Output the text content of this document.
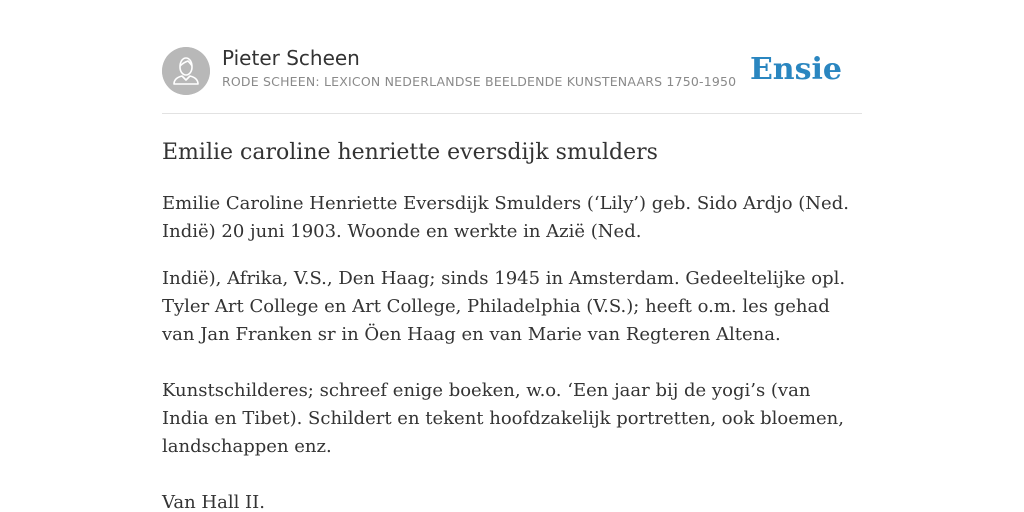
Pieter Scheen
RODE SCHEEN: LEXICON NEDERLANDSE BEELDENDE KUNSTENAARS 1750-1950 Ensie
Emilie caroline henriette eversdijk smulders

Emilie Caroline Henriette Eversdijk Smulders (‘Lily’) geb. Sido Ardjo (Ned. Indië) 20 juni 1903. Woonde en werkte in Azië (Ned.

Indië), Afrika, V.S., Den Haag; sinds 1945 in Amsterdam. Gedeeltelijke opl. Tyler Art College en Art College, Philadelphia (V.S.); heeft o.m. les gehad van Jan Franken sr in Öen Haag en van Marie van Regteren Altena.

Kunstschilderes; schreef enige boeken, w.o. ‘Een jaar bij de yogi’s (van India en Tibet). Schildert en tekent hoofdzakelijk portretten, ook bloemen, landschappen enz.

Van Hall II.
